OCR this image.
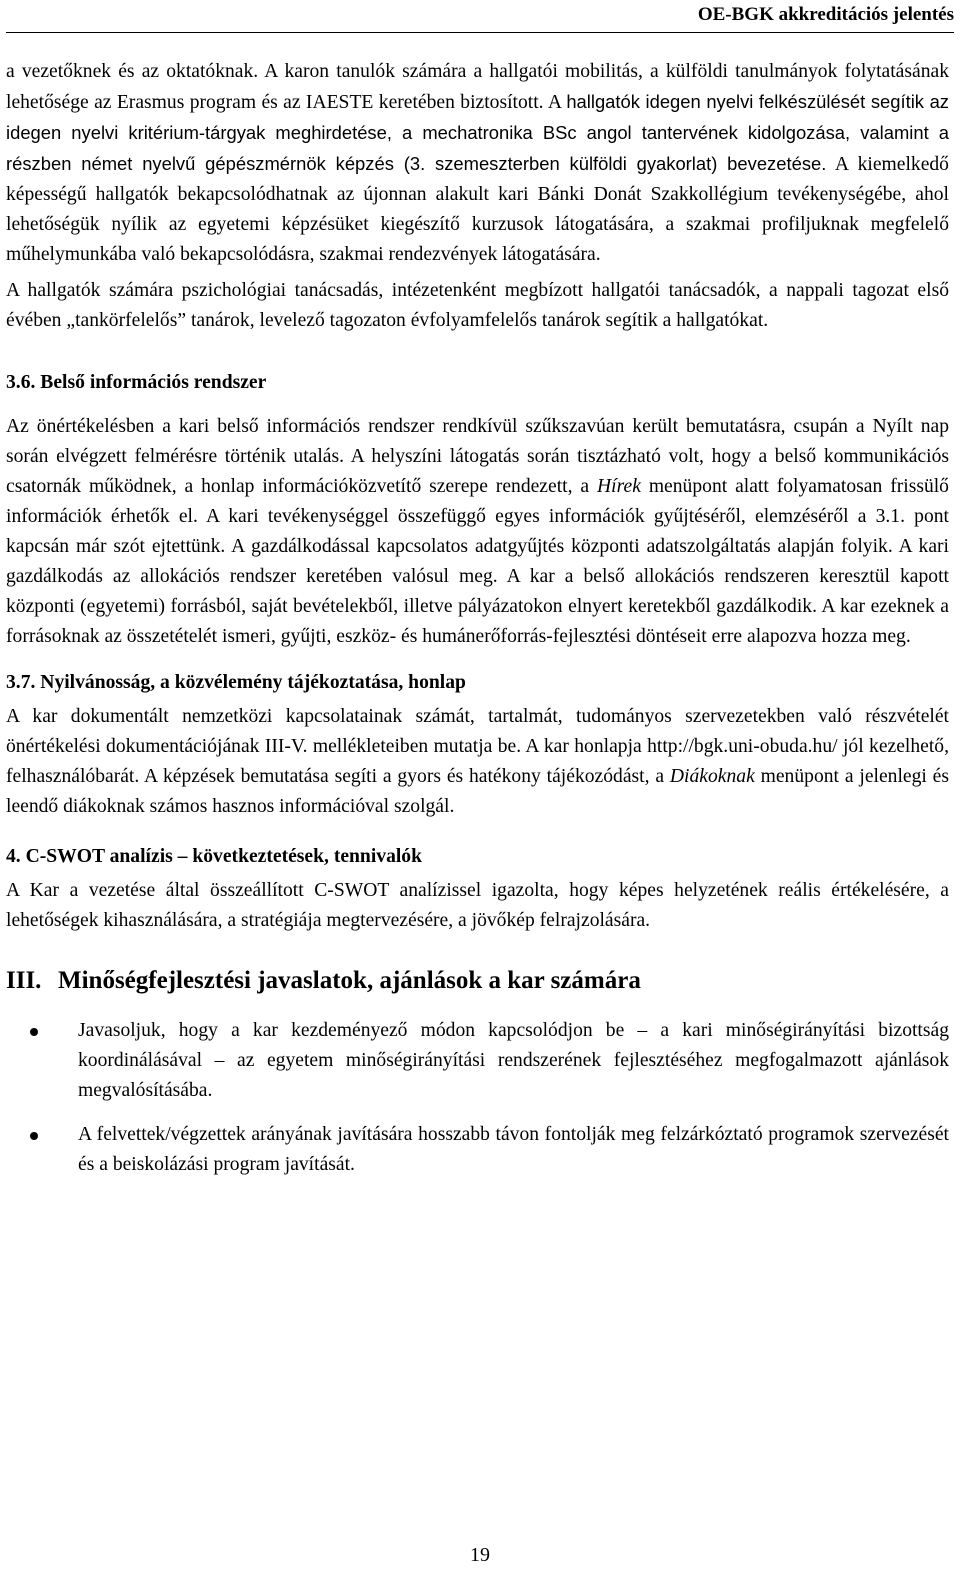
OE-BGK akkreditációs jelentés

a vezetőknek és az oktatóknak. A karon tanulók számára a hallgatói mobilitás, a külföldi tanulmányok folytatásának lehetősége az Erasmus program és az IAESTE keretében biztosított. A hallgatók idegen nyelvi felkészülését segítik az idegen nyelvi kritérium-tárgyak meghirdetése, a mechatronika BSc angol tantervének kidolgozása, valamint a részben német nyelvű gépészmérnök képzés (3. szemeszterben külföldi gyakorlat) bevezetése. A kiemelkedő képességű hallgatók bekapcsolódhatnak az újonnan alakult kari Bánki Donát Szakkollégium tevékenységébe, ahol lehetőségük nyílik az egyetemi képzésüket kiegészítő kurzusok látogatására, a szakmai profiljuknak megfelelő műhelymunkába való bekapcsolódásra, szakmai rendezvények látogatására.

A hallgatók számára pszichológiai tanácsadás, intézetenként megbízott hallgatói tanácsadók, a nappali tagozat első évében „tankörfelelős” tanárok, levelező tagozaton évfolyamfelelős tanárok segítik a hallgatókat.

3.6. Belső információs rendszer

Az önértékelésben a kari belső információs rendszer rendkívül szűkszavúan került bemutatásra, csupán a Nyílt nap során elvégzett felmérésre történik utalás. A helyszíni látogatás során tisztázható volt, hogy a belső kommunikációs csatornák működnek, a honlap információközvetítő szerepe rendezett, a Hírek menüpont alatt folyamatosan frissülő információk érhetők el. A kari tevékenységgel összefüggő egyes információk gyűjtéséről, elemzéséről a 3.1. pont kapcsán már szót ejtettünk. A gazdálkodással kapcsolatos adatgyűjtés központi adatszolgáltatás alapján folyik. A kari gazdálkodás az allokációs rendszer keretében valósul meg. A kar a belső allokációs rendszeren keresztül kapott központi (egyetemi) forrásból, saját bevételekből, illetve pályázatokon elnyert keretekből gazdálkodik. A kar ezeknek a forrásoknak az összetételét ismeri, gyűjti, eszköz- és humánerőforrás-fejlesztési döntéseit erre alapozva hozza meg.

3.7. Nyilvánosság, a közvélemény tájékoztatása, honlap

A kar dokumentált nemzetközi kapcsolatainak számát, tartalmát, tudományos szervezetekben való részvételét önértékelési dokumentációjának III-V. mellékleteiben mutatja be. A kar honlapja http://bgk.uni-obuda.hu/ jól kezelhető, felhasználóbarát. A képzések bemutatása segíti a gyors és hatékony tájékozódást, a Diákoknak menüpont a jelenlegi és leendő diákoknak számos hasznos információval szolgál.

4. C-SWOT analízis – következtetések, tennivalók

A Kar a vezetése által összeállított C-SWOT analízissel igazolta, hogy képes helyzetének reális értékelésére, a lehetőségek kihasználására, a stratégiája megtervezésére, a jövőkép felrajzolására.

III. Minőségfejlesztési javaslatok, ajánlások a kar számára
Javasoljuk, hogy a kar kezdeményező módon kapcsolódjon be – a kari minőségirányítási bizottság koordinálásával – az egyetem minőségirányítási rendszerének fejlesztéséhez megfogalmazott ajánlások megvalósításába.
A felvettek/végzettek arányának javítására hosszabb távon fontolják meg felzárkóztató programok szervezését és a beiskolázási program javítását.
19
